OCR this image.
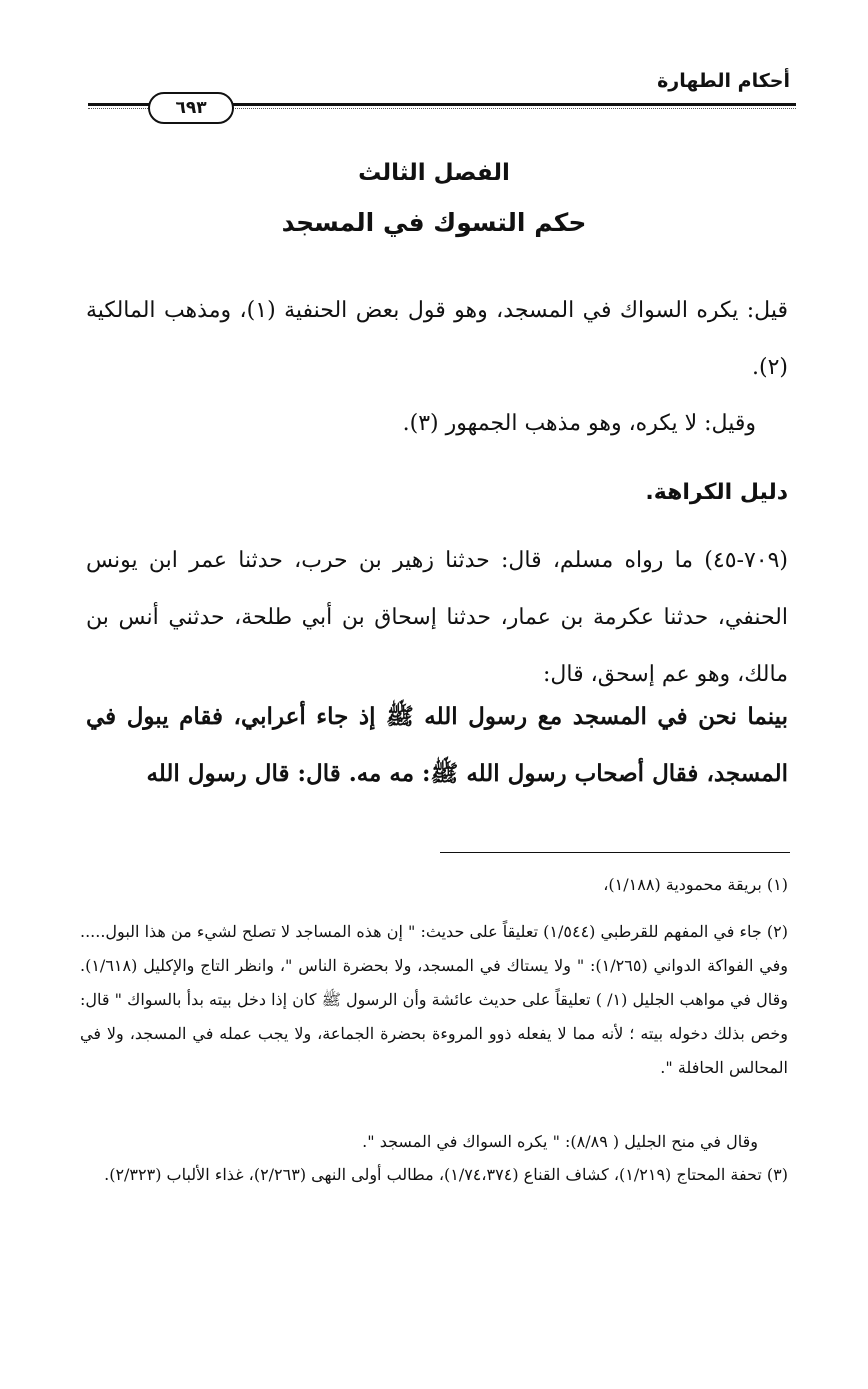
أحكام الطهارة
٦٩٣
الفصل الثالث
حكم التسوك في المسجد
قيل: يكره السواك في المسجد، وهو قول بعض الحنفية (١)، ومذهب المالكية (٢).
وقيل: لا يكره، وهو مذهب الجمهور (٣).
دليل الكراهة.
(٧٠٩-٤٥) ما رواه مسلم، قال: حدثنا زهير بن حرب، حدثنا عمر ابن يونس الحنفي، حدثنا عكرمة بن عمار، حدثنا إسحاق بن أبي طلحة، حدثني أنس بن مالك، وهو عم إسحق، قال:
بينما نحن في المسجد مع رسول الله ﷺ إذ جاء أعرابي، فقام يبول في المسجد، فقال أصحاب رسول الله ﷺ: مه مه. قال: قال رسول الله
(١) بريقة محمودية (١/١٨٨)،
(٢) جاء في المفهم للقرطبي (١/٥٤٤) تعليقاً على حديث: " إن هذه المساجد لا تصلح لشيء من هذا البول..... وفي الفواكة الدواني (١/٢٦٥): " ولا يستاك في المسجد، ولا بحضرة الناس "، وانظر التاج والإكليل (١/٦١٨). وقال في مواهب الجليل (١/ ) تعليقاً على حديث عائشة وأن الرسول ﷺ كان إذا دخل بيته بدأ بالسواك " قال: وخص بذلك دخوله بيته ؛ لأنه مما لا يفعله ذوو المروءة بحضرة الجماعة، ولا يجب عمله في المسجد، ولا في المحالس الحافلة ".
وقال في منح الجليل ( ٨/٨٩): " يكره السواك في المسجد ".
(٣) تحفة المحتاج (١/٢١٩)، كشاف القناع (١/٧٤،٣٧٤)، مطالب أولى النهى (٢/٢٦٣)، غذاء الألباب (٢/٣٢٣).
